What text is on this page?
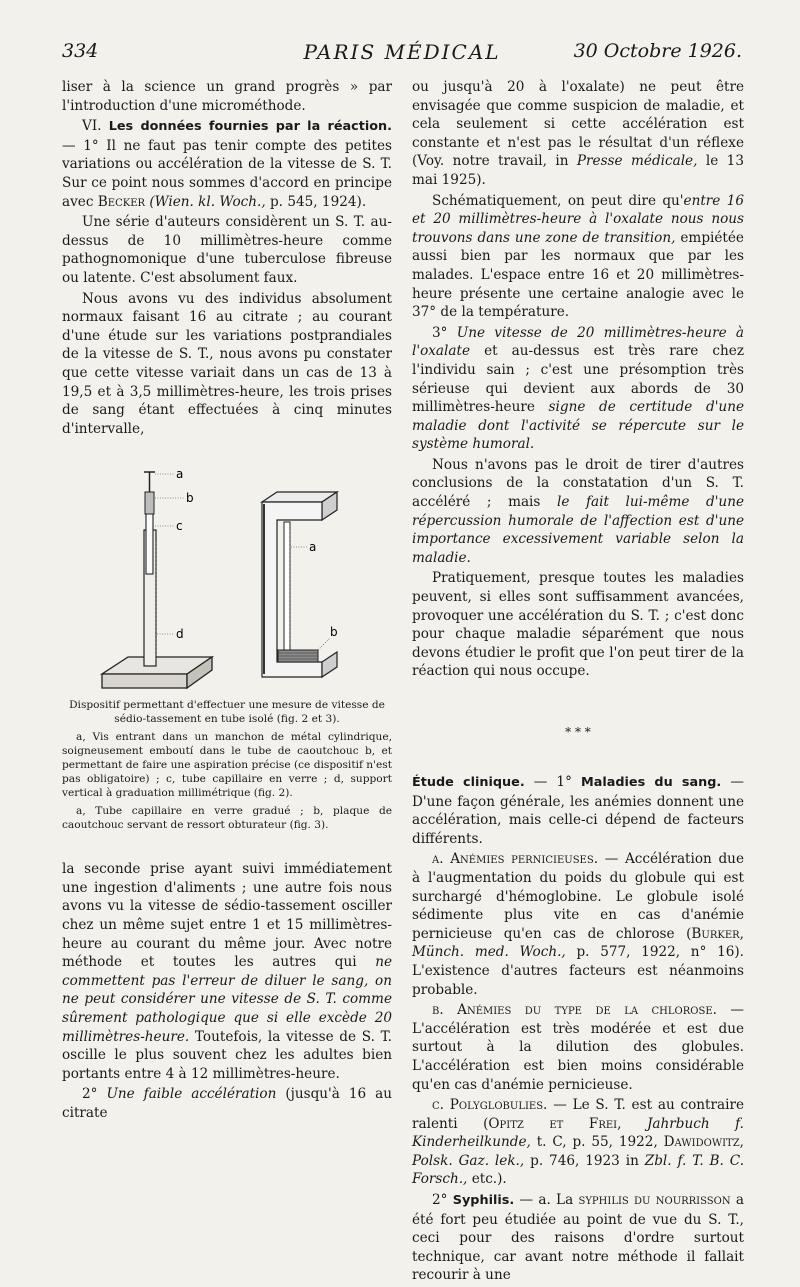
334	PARIS MÉDICAL	30 Octobre 1926.

liser à la science un grand progrès » par l'introduction d'une microméthode.

VI. Les données fournies par la réaction. — 1° Il ne faut pas tenir compte des petites variations ou accélération de la vitesse de S. T. Sur ce point nous sommes d'accord en principe avec Becker (Wien. kl. Woch., p. 545, 1924).

Une série d'auteurs considèrent un S. T. au-dessus de 10 millimètres-heure comme pathognomonique d'une tuberculose fibreuse ou latente. C'est absolument faux.

Nous avons vu des individus absolument normaux faisant 16 au citrate ; au courant d'une étude sur les variations postprandiales de la vitesse de S. T., nous avons pu constater que cette vitesse variait dans un cas de 13 à 19,5 et à 3,5 millimètres-heure, les trois prises de sang étant effectuées à cinq minutes d'intervalle,

a
b
c
d
a
b
Dispositif permettant d'effectuer une mesure de vitesse de sédio-tassement en tube isolé (fig. 2 et 3).
a, Vis entrant dans un manchon de métal cylindrique, soigneusement emboutí dans le tube de caoutchouc b, et permettant de faire une aspiration précise (ce dispositif n'est pas obligatoire) ; c, tube capillaire en verre ; d, support vertical à graduation millimétrique (fig. 2).
a, Tube capillaire en verre gradué ; b, plaque de caoutchouc servant de ressort obturateur (fig. 3).

la seconde prise ayant suivi immédiatement une ingestion d'aliments ; une autre fois nous avons vu la vitesse de sédio-tassement osciller chez un même sujet entre 1 et 15 millimètres-heure au courant du même jour. Avec notre méthode et toutes les autres qui ne commettent pas l'erreur de diluer le sang, on ne peut considérer une vitesse de S. T. comme sûrement pathologique que si elle excède 20 millimètres-heure. Toutefois, la vitesse de S. T. oscille le plus souvent chez les adultes bien portants entre 4 à 12 millimètres-heure.

2° Une faible accélération (jusqu'à 16 au citrate

ou jusqu'à 20 à l'oxalate) ne peut être envisagée que comme suspicion de maladie, et cela seulement si cette accélération est constante et n'est pas le résultat d'un réflexe (Voy. notre travail, in Presse médicale, le 13 mai 1925).

Schématiquement, on peut dire qu'entre 16 et 20 millimètres-heure à l'oxalate nous nous trouvons dans une zone de transition, empiétée aussi bien par les normaux que par les malades. L'espace entre 16 et 20 millimètres-heure présente une certaine analogie avec le 37° de la température.

3° Une vitesse de 20 millimètres-heure à l'oxalate et au-dessus est très rare chez l'individu sain ; c'est une présomption très sérieuse qui devient aux abords de 30 millimètres-heure signe de certitude d'une maladie dont l'activité se répercute sur le système humoral.

Nous n'avons pas le droit de tirer d'autres conclusions de la constatation d'un S. T. accéléré ; mais le fait lui-même d'une répercussion humorale de l'affection est d'une importance excessivement variable selon la maladie.

Pratiquement, presque toutes les maladies peuvent, si elles sont suffisamment avancées, provoquer une accélération du S. T. ; c'est donc pour chaque maladie séparément que nous devons étudier le profit que l'on peut tirer de la réaction qui nous occupe.

* * *

Étude clinique. — 1° Maladies du sang. — D'une façon générale, les anémies donnent une accélération, mais celle-ci dépend de facteurs différents.

a. Anémies pernicieuses. — Accélération due à l'augmentation du poids du globule qui est surchargé d'hémoglobine. Le globule isolé sédimente plus vite en cas d'anémie pernicieuse qu'en cas de chlorose (Burker, Münch. med. Woch., p. 577, 1922, n° 16). L'existence d'autres facteurs est néanmoins probable.

b. Anémies du type de la chlorose. — L'accélération est très modérée et est due surtout à la dilution des globules. L'accélération est bien moins considérable qu'en cas d'anémie pernicieuse.

c. Polyglobulies. — Le S. T. est au contraire ralenti (Opitz et Frei, Jahrbuch f. Kinderheilkunde, t. C, p. 55, 1922, Dawidowitz, Polsk. Gaz. lek., p. 746, 1923 in Zbl. f. T. B. C. Forsch., etc.).

2° Syphilis. — a. La syphilis du nourrisson a été fort peu étudiée au point de vue du S. T., ceci pour des raisons d'ordre surtout technique, car avant notre méthode il fallait recourir à une
